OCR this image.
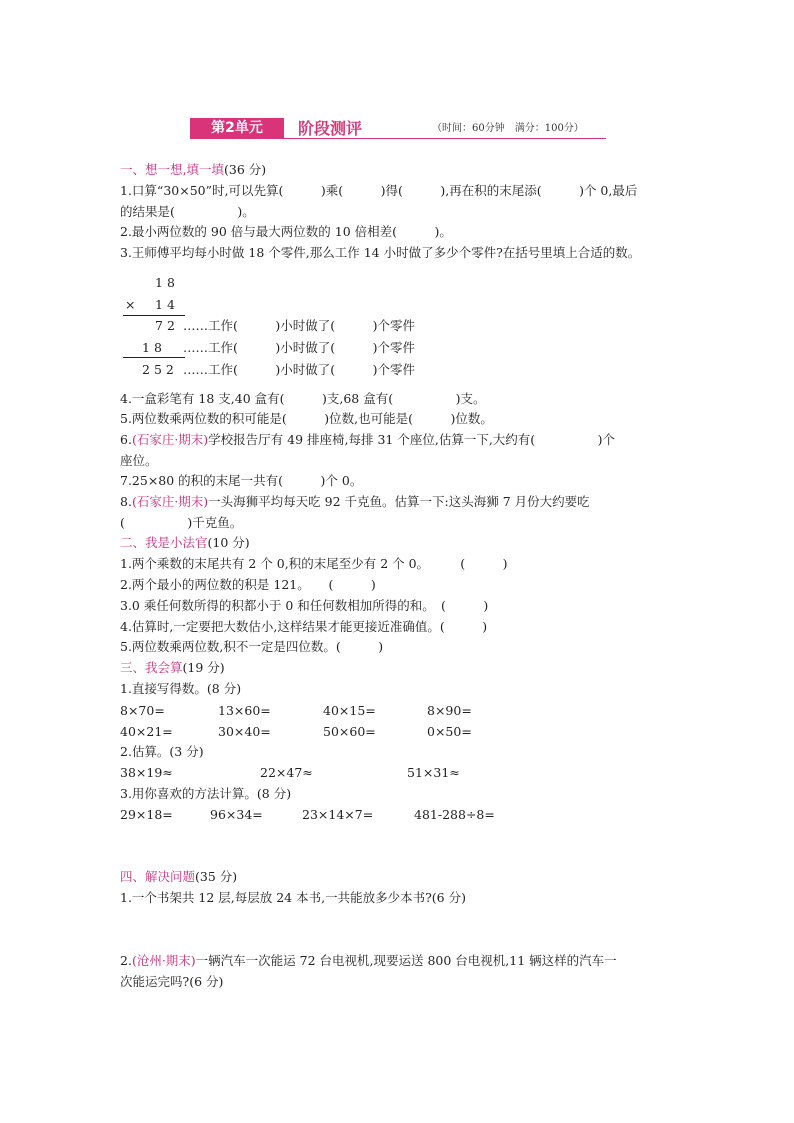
第2单元	阶段测评	（时间：60分钟　满分：100分）
一、想一想,填一填(36 分)
1.口算“30×50”时,可以先算(　　　)乘(　　　)得(　　　),再在积的末尾添(　　　)个 0,最后
的结果是(　　　　　)。
2.最小两位数的 90 倍与最大两位数的 10 倍相差(　　　)。
3.王师傅平均每小时做 18 个零件,那么工作 14 小时做了多少个零件?在括号里填上合适的数。
18
× 14
72 ……工作(　　　)小时做了(　　　)个零件
18 ……工作(　　　)小时做了(　　　)个零件
252 ……工作(　　　)小时做了(　　　)个零件
4.一盒彩笔有 18 支,40 盒有(　　　)支,68 盒有(　　　　　)支。
5.两位数乘两位数的积可能是(　　　)位数,也可能是(　　　)位数。
6.(石家庄·期末)学校报告厅有 49 排座椅,每排 31 个座位,估算一下,大约有(　　　　　)个
座位。
7.25×80 的积的末尾一共有(　　　)个 0。
8.(石家庄·期末)一头海狮平均每天吃 92 千克鱼。估算一下:这头海狮 7 月份大约要吃
(　　　　　)千克鱼。
二、我是小法官(10 分)
1.两个乘数的末尾共有 2 个 0,积的末尾至少有 2 个 0。　　　(　　　)
2.两个最小的两位数的积是 121。　　(　　　)
3.0 乘任何数所得的积都小于 0 和任何数相加所得的和。　(　　　)
4.估算时,一定要把大数估小,这样结果才能更接近准确值。(　　　)
5.两位数乘两位数,积不一定是四位数。(　　　)
三、我会算(19 分)
1.直接写得数。(8 分)
8×70=	13×60=	40×15=	8×90=
40×21=	30×40=	50×60=	0×50=
2.估算。(3 分)
38×19≈	22×47≈	51×31≈
3.用你喜欢的方法计算。(8 分)
29×18=	96×34=	23×14×7=	481-288÷8=
四、解决问题(35 分)
1.一个书架共 12 层,每层放 24 本书,一共能放多少本书?(6 分)
2.(沧州·期末)一辆汽车一次能运 72 台电视机,现要运送 800 台电视机,11 辆这样的汽车一
次能运完吗?(6 分)
